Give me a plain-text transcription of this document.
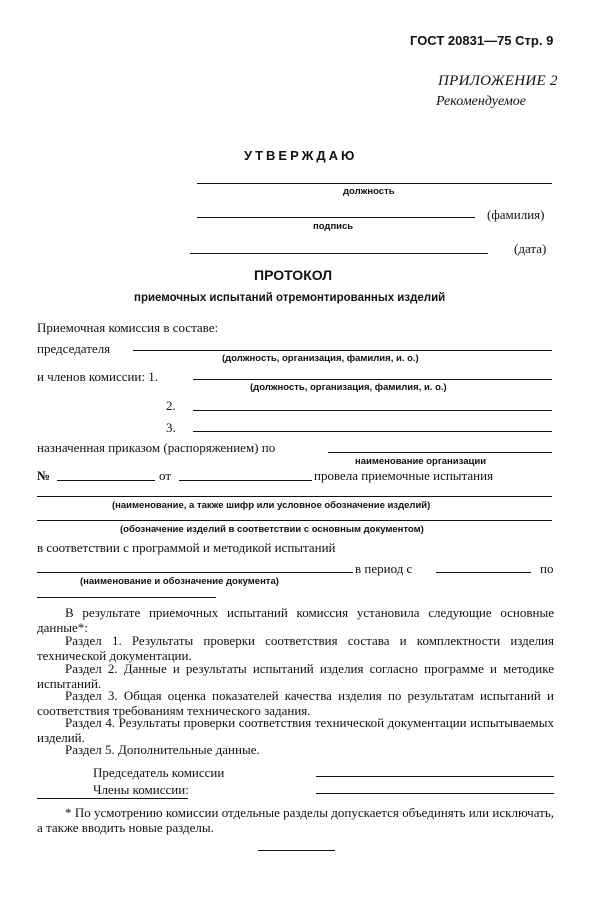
ГОСТ 20831—75 Стр. 9
ПРИЛОЖЕНИЕ 2
Рекомендуемое
УТВЕРЖДАЮ
должность
(фамилия)
подпись
(дата)
ПРОТОКОЛ
приемочных испытаний отремонтированных изделий
Приемочная комиссия в составе:
председателя
(должность, организация, фамилия, и. о.)
и членов комиссии: 1.
(должность, организация, фамилия, и. о.)
2.
3.
назначенная приказом (распоряжением) по
наименование организации
№	от	провела приемочные испытания
(наименование, а также шифр или условное обозначение изделий)
(обозначение изделий в соответствии с основным документом)
в соответствии с программой и методикой испытаний
в период с	по
(наименование и обозначение документа)
В результате приемочных испытаний комиссия установила следующие основные данные*:
Раздел 1. Результаты проверки соответствия состава и комплектности изделия технической документации.
Раздел 2. Данные и результаты испытаний изделия согласно программе и методике испытаний.
Раздел 3. Общая оценка показателей качества изделия по результатам испытаний и соответствия требованиям технического задания.
Раздел 4. Результаты проверки соответствия технической документации испытываемых изделий.
Раздел 5. Дополнительные данные.
Председатель комиссии
Члены комиссии:
* По усмотрению комиссии отдельные разделы допускается объединять или исключать, а также вводить новые разделы.
